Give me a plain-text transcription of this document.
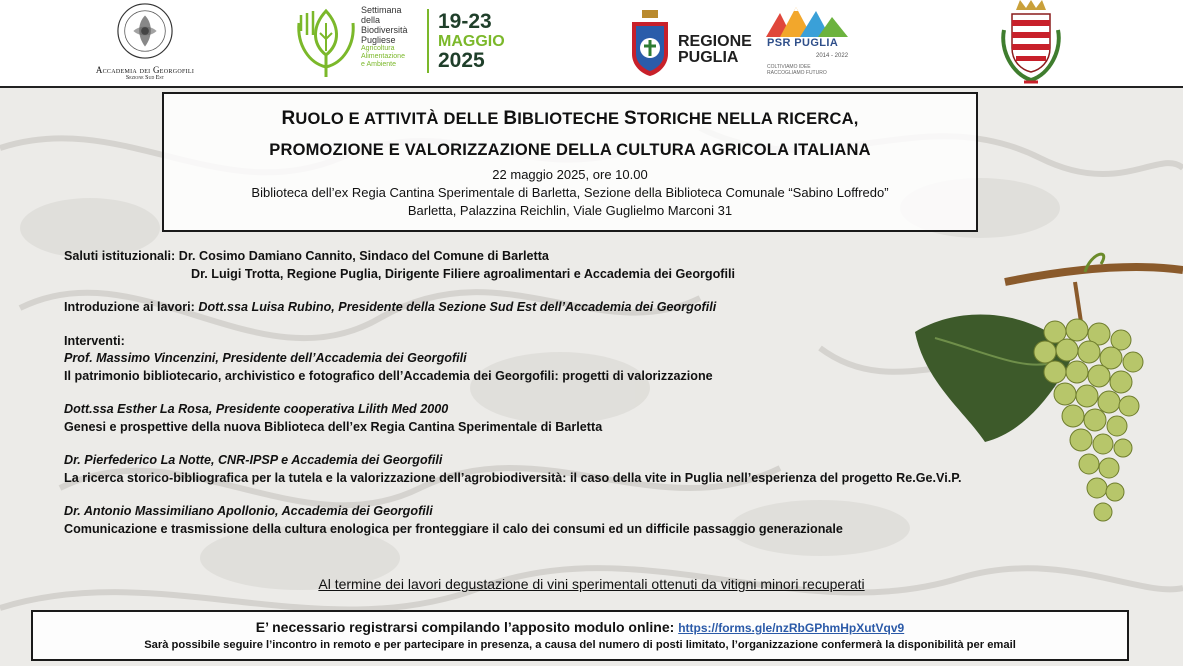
Accademia dei Georgofili
Sezione Sud Est
Settimana
della
Biodiversità
Pugliese
Agricoltura
Alimentazione
e Ambiente
19-23
MAGGIO
2025
REGIONE
PUGLIA
PSR PUGLIA
2014 - 2022
COLTIVIAMO IDEE
RACCOGLIAMO FUTURO
RUOLO E ATTIVITÀ DELLE BIBLIOTECHE STORICHE NELLA RICERCA,
PROMOZIONE E VALORIZZAZIONE DELLA CULTURA AGRICOLA ITALIANA
22 maggio 2025, ore 10.00
Biblioteca dell’ex Regia Cantina Sperimentale di Barletta, Sezione della Biblioteca Comunale “Sabino Loffredo”
Barletta, Palazzina Reichlin, Viale Guglielmo Marconi 31
Saluti istituzionali: Dr. Cosimo Damiano Cannito, Sindaco del Comune di Barletta
Dr. Luigi Trotta, Regione Puglia, Dirigente Filiere agroalimentari e Accademia dei Georgofili
Introduzione ai lavori: Dott.ssa Luisa Rubino, Presidente della Sezione Sud Est dell’Accademia dei Georgofili
Interventi:
Prof. Massimo Vincenzini, Presidente dell’Accademia dei Georgofili
Il patrimonio bibliotecario, archivistico e fotografico dell’Accademia dei Georgofili: progetti di valorizzazione
Dott.ssa Esther La Rosa, Presidente cooperativa Lilith Med 2000
Genesi e prospettive della nuova Biblioteca dell’ex Regia Cantina Sperimentale di Barletta
Dr. Pierfederico La Notte, CNR-IPSP e Accademia dei Georgofili
La ricerca storico-bibliografica per la tutela e la valorizzazione dell’agrobiodiversità: il caso della vite in Puglia nell’esperienza del progetto Re.Ge.Vi.P.
Dr. Antonio Massimiliano Apollonio, Accademia dei Georgofili
Comunicazione e trasmissione della cultura enologica per fronteggiare il calo dei consumi ed un difficile passaggio generazionale
Al termine dei lavori degustazione di vini sperimentali ottenuti da vitigni minori recuperati
E’ necessario registrarsi compilando l’apposito modulo online: https://forms.gle/nzRbGPhmHpXutVqv9
Sarà possibile seguire l’incontro in remoto e per partecipare in presenza, a causa del numero di posti limitato, l’organizzazione confermerà la disponibilità per email
